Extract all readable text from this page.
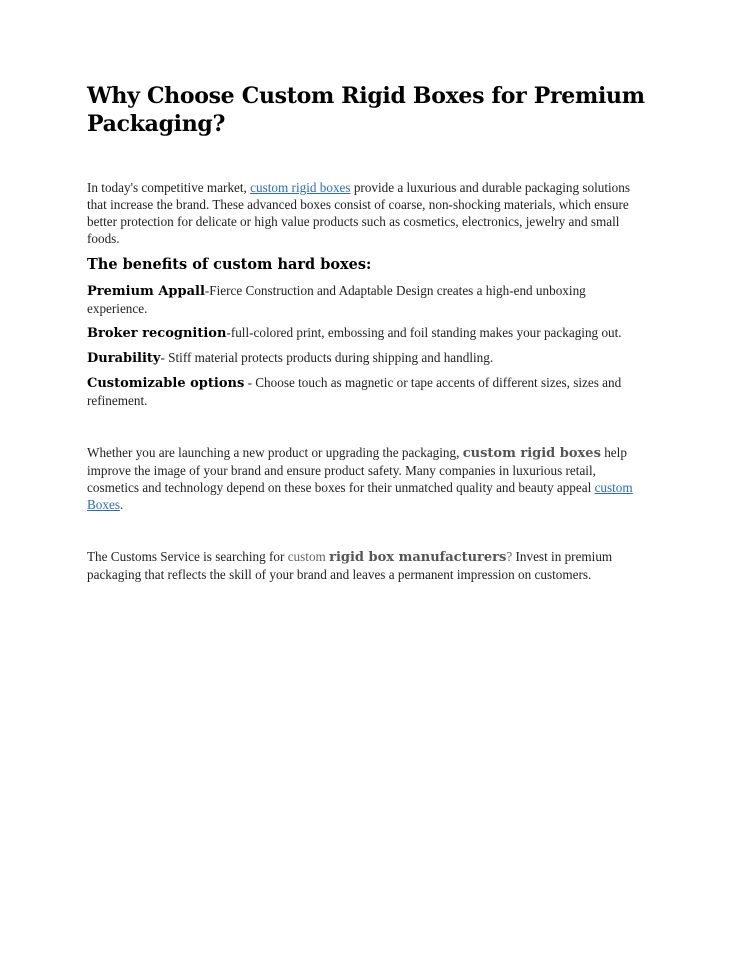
Why Choose Custom Rigid Boxes for Premium Packaging?

In today's competitive market, custom rigid boxes provide a luxurious and durable packaging solutions that increase the brand. These advanced boxes consist of coarse, non-shocking materials, which ensure better protection for delicate or high value products such as cosmetics, electronics, jewelry and small foods.

The benefits of custom hard boxes:

Premium Appall-Fierce Construction and Adaptable Design creates a high-end unboxing experience.

Broker recognition-full-colored print, embossing and foil standing makes your packaging out.

Durability- Stiff material protects products during shipping and handling.

Customizable options - Choose touch as magnetic or tape accents of different sizes, sizes and refinement.

Whether you are launching a new product or upgrading the packaging, custom rigid boxes help improve the image of your brand and ensure product safety. Many companies in luxurious retail, cosmetics and technology depend on these boxes for their unmatched quality and beauty appeal custom Boxes.

The Customs Service is searching for custom rigid box manufacturers? Invest in premium packaging that reflects the skill of your brand and leaves a permanent impression on customers.
